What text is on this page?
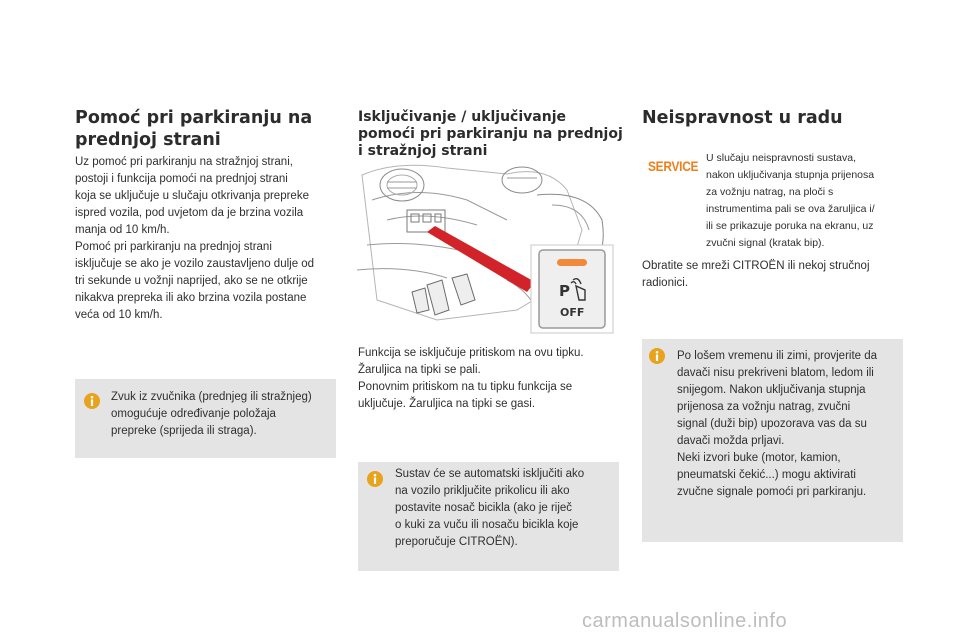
Pomoć pri parkiranju na
prednjoj strani
Uz pomoć pri parkiranju na stražnjoj strani,
postoji i funkcija pomoći na prednjoj strani
koja se uključuje u slučaju otkrivanja prepreke
ispred vozila, pod uvjetom da je brzina vozila
manja od 10 km/h.
Pomoć pri parkiranju na prednjoj strani
isključuje se ako je vozilo zaustavljeno dulje od
tri sekunde u vožnji naprijed, ako se ne otkrije
nikakva prepreka ili ako brzina vozila postane
veća od 10 km/h.
Zvuk iz zvučnika (prednjeg ili stražnjeg)
omogućuje određivanje položaja
prepreke (sprijeda ili straga).
Isključivanje / uključivanje
pomoći pri parkiranju na prednjoj
i stražnjoj strani
P
OFF
Funkcija se isključuje pritiskom na ovu tipku.
Žaruljica na tipki se pali.
Ponovnim pritiskom na tu tipku funkcija se
uključuje. Žaruljica na tipki se gasi.
Sustav će se automatski isključiti ako
na vozilo priključite prikolicu ili ako
postavite nosač bicikla (ako je riječ
o kuki za vuču ili nosaču bicikla koje
preporučuje CITROËN).
Neispravnost u radu
SERVICE U slučaju neispravnosti sustava,
nakon uključivanja stupnja prijenosa
za vožnju natrag, na ploči s
instrumentima pali se ova žaruljica i/
ili se prikazuje poruka na ekranu, uz
zvučni signal (kratak bip).
Obratite se mreži CITROËN ili nekoj stručnoj
radionici.
Po lošem vremenu ili zimi, provjerite da
davači nisu prekriveni blatom, ledom ili
snijegom. Nakon uključivanja stupnja
prijenosa za vožnju natrag, zvučni
signal (duži bip) upozorava vas da su
davači možda prljavi.
Neki izvori buke (motor, kamion,
pneumatski čekić...) mogu aktivirati
zvučne signale pomoći pri parkiranju.
carmanualsonline.info
